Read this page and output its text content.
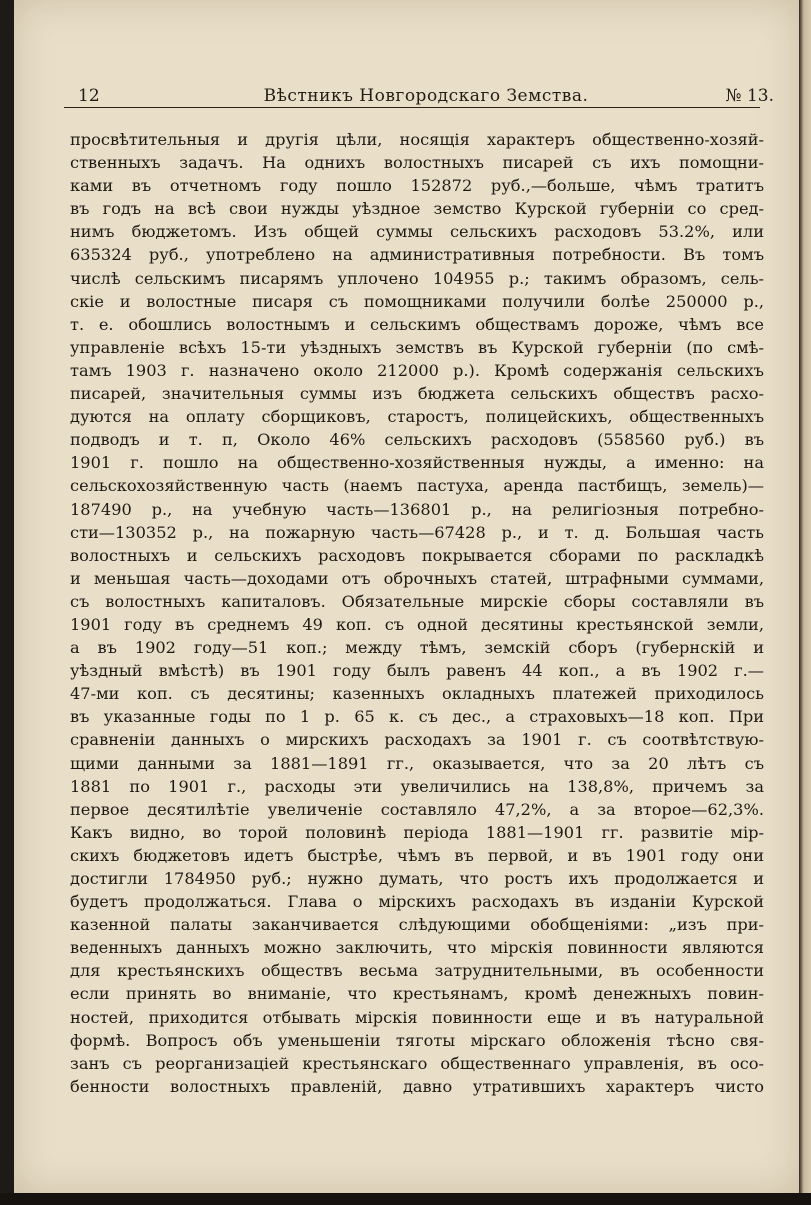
12	Вѣстникъ Новгородскаго Земства.	№ 13.
просвѣтительныя и другія цѣли, носящія характеръ общественно-хозяй-
ственныхъ задачъ. На однихъ волостныхъ писарей съ ихъ помощни-
ками въ отчетномъ году пошло 152872 руб.,—больше, чѣмъ тратитъ
въ годъ на всѣ свои нужды уѣздное земство Курской губерніи со сред-
нимъ бюджетомъ. Изъ общей суммы сельскихъ расходовъ 53.2%, или
635324 руб., употреблено на административныя потребности. Въ томъ
числѣ сельскимъ писарямъ уплочено 104955 р.; такимъ образомъ, сель-
скіе и волостные писаря съ помощниками получили болѣе 250000 р.,
т. е. обошлись волостнымъ и сельскимъ обществамъ дороже, чѣмъ все
управленіе всѣхъ 15-ти уѣздныхъ земствъ въ Курской губерніи (по смѣ-
тамъ 1903 г. назначено около 212000 р.). Кромѣ содержанія сельскихъ
писарей, значительныя суммы изъ бюджета сельскихъ обществъ расхо-
дуются на оплату сборщиковъ, старостъ, полицейскихъ, общественныхъ
подводъ и т. п, Около 46% сельскихъ расходовъ (558560 руб.) въ
1901 г. пошло на общественно-хозяйственныя нужды, а именно: на
сельскохозяйственную часть (наемъ пастуха, аренда пастбищъ, земель)—
187490 р., на учебную часть—136801 р., на религіозныя потребно-
сти—130352 р., на пожарную часть—67428 р., и т. д. Большая часть
волостныхъ и сельскихъ расходовъ покрывается сборами по раскладкѣ
и меньшая часть—доходами отъ оброчныхъ статей, штрафными суммами,
съ волостныхъ капиталовъ. Обязательные мирскіе сборы составляли въ
1901 году въ среднемъ 49 коп. съ одной десятины крестьянской земли,
а въ 1902 году—51 коп.; между тѣмъ, земскій сборъ (губернскій и
уѣздный вмѣстѣ) въ 1901 году былъ равенъ 44 коп., а въ 1902 г.—
47-ми коп. съ десятины; казенныхъ окладныхъ платежей приходилось
въ указанные годы по 1 р. 65 к. съ дес., а страховыхъ—18 коп. При
сравненіи данныхъ о мирскихъ расходахъ за 1901 г. съ соотвѣтствую-
щими данными за 1881—1891 гг., оказывается, что за 20 лѣтъ съ
1881 по 1901 г., расходы эти увеличились на 138,8%, причемъ за
первое десятилѣтіе увеличеніе составляло 47,2%, а за второе—62,3%.
Какъ видно, во торой половинѣ періода 1881—1901 гг. развитіе мір-
скихъ бюджетовъ идетъ быстрѣе, чѣмъ въ первой, и въ 1901 году они
достигли 1784950 руб.; нужно думать, что ростъ ихъ продолжается и
будетъ продолжаться. Глава о мірскихъ расходахъ въ изданіи Курской
казенной палаты заканчивается слѣдующими обобщеніями: „изъ при-
веденныхъ данныхъ можно заключить, что мірскія повинности являются
для крестьянскихъ обществъ весьма затруднительными, въ особенности
если принять во вниманіе, что крестьянамъ, кромѣ денежныхъ повин-
ностей, приходится отбывать мірскія повинности еще и въ натуральной
формѣ. Вопросъ объ уменьшеніи тяготы мірскаго обложенія тѣсно свя-
занъ съ реорганизаціей крестьянскаго общественнаго управленія, въ осо-
бенности волостныхъ правленій, давно утратившихъ характеръ чисто
